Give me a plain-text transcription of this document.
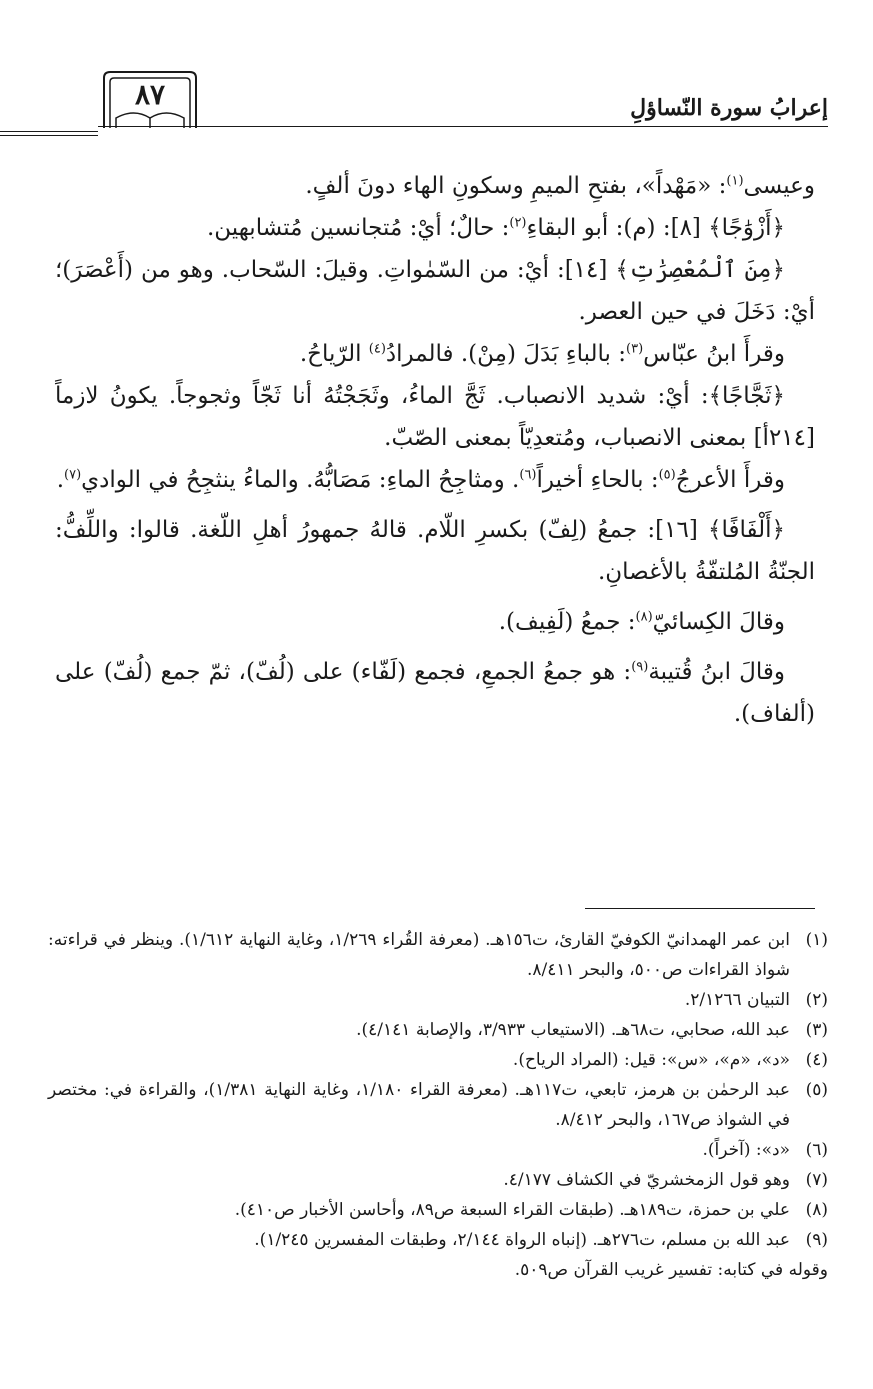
إعرابُ سورة النّساؤلِ
٨٧

وعيسى$^{(١)}$: «مَهْداً»، بفتحِ الميمِ وسكونِ الهاء دونَ ألفٍ.

﴿أَزْوَٰجًا﴾ [٨]: (م): أبو البقاءِ$^{(٢)}$: حالٌ؛ أيْ: مُتجانسين مُتشابهين.

﴿مِنَ ٱلْمُعْصِرَٰتِ﴾ [١٤]: أيْ: من السّمٰواتِ. وقيلَ: السّحاب. وهو من (أَعْصَرَ)؛ أيْ: دَخَلَ في حين العصر.

وقرأَ ابنُ عبّاس$^{(٣)}$: بالباءِ بَدَلَ (مِنْ). فالمرادُ$^{(٤)}$ الرّياحُ.

﴿ثَجَّاجًا﴾: أيْ: شديد الانصباب. ثَجَّ الماءُ، وثَجَجْتُهُ أنا ثَجّاً وثجوجاً. يكونُ لازماً [٢١٤أ] بمعنى الانصباب، ومُتعدِيّاً بمعنى الصّبّ.

وقرأَ الأعرجُ$^{(٥)}$: بالحاءِ أخيراً$^{(٦)}$. ومثاجِحُ الماءِ: مَصَابُّهُ. والماءُ ينثجِحُ في الوادي$^{(٧)}$.

﴿أَلْفَافًا﴾ [١٦]: جمعُ (لِفّ) بكسرِ اللّام. قالهُ جمهورُ أهلِ اللّغة. قالوا: واللِّفُّ: الجنّةُ المُلتفّةُ بالأغصانِ.

وقالَ الكِسائيّ$^{(٨)}$: جمعُ (لَفِيف).

وقالَ ابنُ قُتيبة$^{(٩)}$: هو جمعُ الجمعِ، فجمع (لَفّاء) على (لُفّ)، ثمّ جمع (لُفّ) على (ألفاف).

(١)
ابن عمر الهمدانيّ الكوفيّ القارئ، ت١٥٦هـ. (معرفة القُراء ١/٢٦٩، وغاية النهاية ١/٦١٢). وينظر في قراءته: شواذ القراءات ص٥٠٠، والبحر ٨/٤١١.
(٢)
التبيان ٢/١٢٦٦.
(٣)
عبد الله، صحابي، ت٦٨هـ. (الاستيعاب ٣/٩٣٣، والإصابة ٤/١٤١).
(٤)
«د»، «م»، «س»: قيل: (المراد الرياح).
(٥)
عبد الرحمٰن بن هرمز، تابعي، ت١١٧هـ. (معرفة القراء ١/١٨٠، وغاية النهاية ١/٣٨١)، والقراءة في: مختصر في الشواذ ص١٦٧، والبحر ٨/٤١٢.
(٦)
«د»: (آخراً).
(٧)
وهو قول الزمخشريّ في الكشاف ٤/١٧٧.
(٨)
علي بن حمزة، ت١٨٩هـ. (طبقات القراء السبعة ص٨٩، وأحاسن الأخبار ص٤١٠).
(٩)
عبد الله بن مسلم، ت٢٧٦هـ. (إنباه الرواة ٢/١٤٤، وطبقات المفسرين ١/٢٤٥).
وقوله في كتابه: تفسير غريب القرآن ص٥٠٩.
